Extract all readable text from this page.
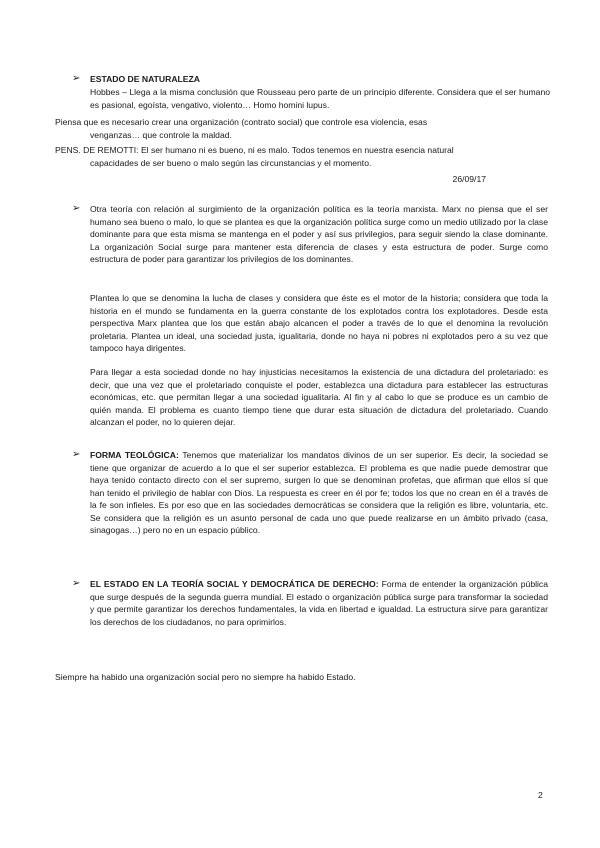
➢ ESTADO DE NATURALEZA
Hobbes – Llega a la misma conclusión que Rousseau pero parte de un principio diferente. Considera que el ser humano es pasional, egoísta, vengativo, violento… Homo homini lupus.
Piensa que es necesario crear una organización (contrato social) que controle esa violencia, esas
venganzas… que controle la maldad.
PENS. DE REMOTTI: El ser humano ni es bueno, ni es malo. Todos tenemos en nuestra esencia natural
capacidades de ser bueno o malo según las circunstancias y el momento.
26/09/17
➢ Otra teoría con relación al surgimiento de la organización política es la teoría marxista. Marx no piensa que el ser humano sea bueno o malo, lo que se plantea es que la organización política surge como un medio utilizado por la clase dominante para que esta misma se mantenga en el poder y así sus privilegios, para seguir siendo la clase dominante. La organización Social surge para mantener esta diferencia de clases y esta estructura de poder. Surge como estructura de poder para garantizar los privilegios de los dominantes.
Plantea lo que se denomina la lucha de clases y considera que éste es el motor de la historia; considera que toda la historia en el mundo se fundamenta en la guerra constante de los explotados contra los explotadores. Desde esta perspectiva Marx plantea que los que están abajo alcancen el poder a través de lo que el denomina la revolución proletaria. Plantea un ideal, una sociedad justa, igualitaria, donde no haya ni pobres ni explotados pero a su vez que tampoco haya dirigentes.
Para llegar a esta sociedad donde no hay injusticias necesitamos la existencia de una dictadura del proletariado: es decir, que una vez que el proletariado conquiste el poder, establezca una dictadura para establecer las estructuras económicas, etc. que permitan llegar a una sociedad igualitaria. Al fin y al cabo lo que se produce es un cambio de quién manda. El problema es cuanto tiempo tiene que durar esta situación de dictadura del proletariado. Cuando alcanzan el poder, no lo quieren dejar.
➢ FORMA TEOLÓGICA: Tenemos que materializar los mandatos divinos de un ser superior. Es decir, la sociedad se tiene que organizar de acuerdo a lo que el ser superior establezca. El problema es que nadie puede demostrar que haya tenido contacto directo con el ser supremo, surgen lo que se denominan profetas, que afirman que ellos sí que han tenido el privilegio de hablar con Dios. La respuesta es creer en él por fe; todos los que no crean en él a través de la fe son infieles. Es por eso que en las sociedades democráticas se considera que la religión es libre, voluntaria, etc. Se considera que la religión es un asunto personal de cada uno que puede realizarse en un ámbito privado (casa, sinagogas…) pero no en un espacio público.
➢ EL ESTADO EN LA TEORÍA SOCIAL Y DEMOCRÁTICA DE DERECHO: Forma de entender la organización pública que surge después de la segunda guerra mundial. El estado o organización pública surge para transformar la sociedad y que permite garantizar los derechos fundamentales, la vida en libertad e igualdad. La estructura sirve para garantizar los derechos de los ciudadanos, no para oprimirlos.
Siempre ha habido una organización social pero no siempre ha habido Estado.
2
